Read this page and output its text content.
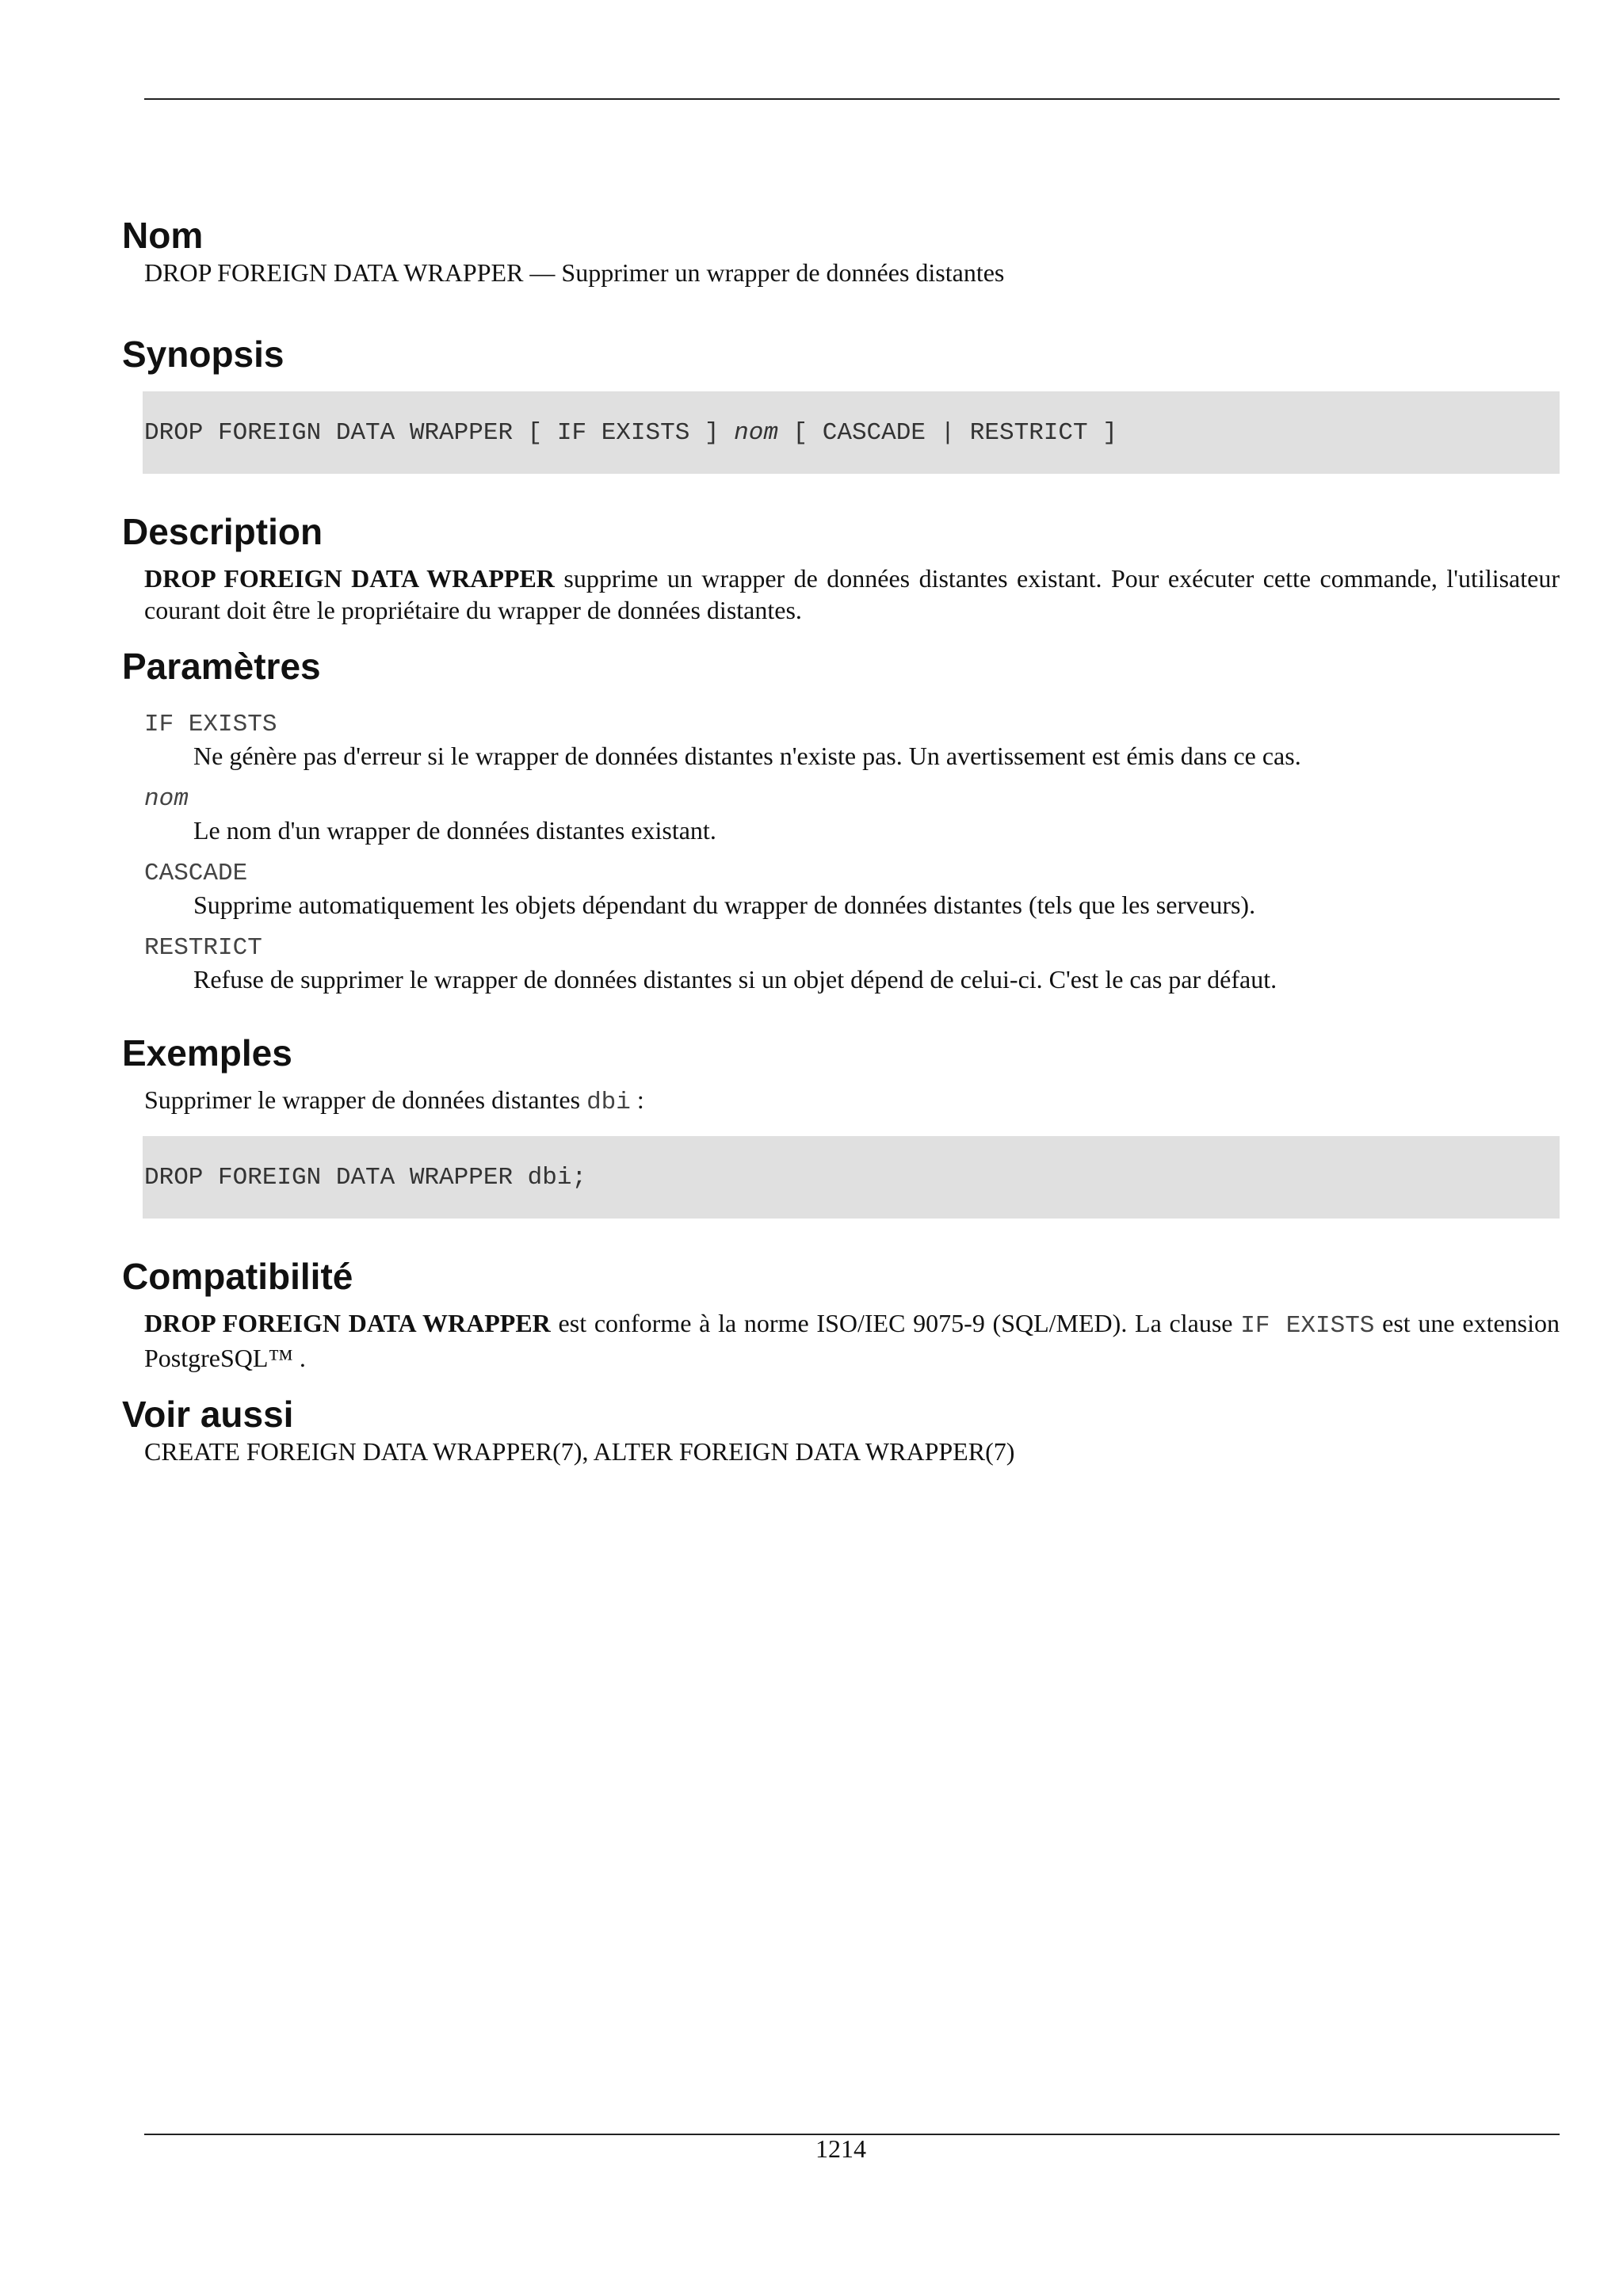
Nom
DROP FOREIGN DATA WRAPPER — Supprimer un wrapper de données distantes
Synopsis
DROP FOREIGN DATA WRAPPER [ IF EXISTS ] nom [ CASCADE | RESTRICT ]
Description
DROP FOREIGN DATA WRAPPER supprime un wrapper de données distantes existant. Pour exécuter cette commande, l'utilisateur courant doit être le propriétaire du wrapper de données distantes.
Paramètres
IF EXISTS
Ne génère pas d'erreur si le wrapper de données distantes n'existe pas. Un avertissement est émis dans ce cas.
nom
Le nom d'un wrapper de données distantes existant.
CASCADE
Supprime automatiquement les objets dépendant du wrapper de données distantes (tels que les serveurs).
RESTRICT
Refuse de supprimer le wrapper de données distantes si un objet dépend de celui-ci. C'est le cas par défaut.
Exemples
Supprimer le wrapper de données distantes dbi :
DROP FOREIGN DATA WRAPPER dbi;
Compatibilité
DROP FOREIGN DATA WRAPPER est conforme à la norme ISO/IEC 9075-9 (SQL/MED). La clause IF EXISTS est une extension PostgreSQL™ .
Voir aussi
CREATE FOREIGN DATA WRAPPER(7), ALTER FOREIGN DATA WRAPPER(7)
1214
